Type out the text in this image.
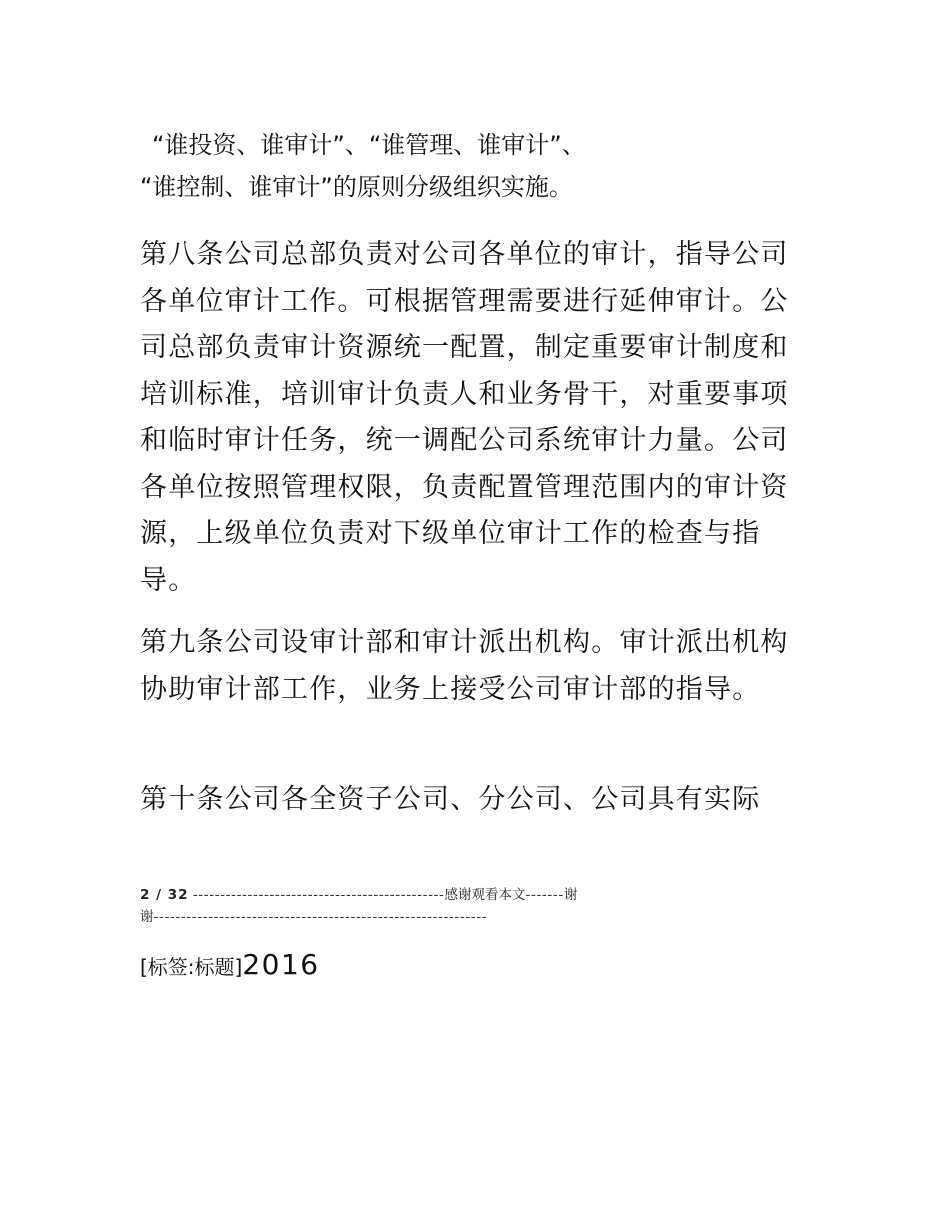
“谁投资、谁审计”、“谁管理、谁审计”、
“谁控制、谁审计”的原则分级组织实施。

第八条公司总部负责对公司各单位的审计，指导公司各单位审计工作。可根据管理需要进行延伸审计。公司总部负责审计资源统一配置，制定重要审计制度和培训标准，培训审计负责人和业务骨干，对重要事项和临时审计任务，统一调配公司系统审计力量。公司各单位按照管理权限，负责配置管理范围内的审计资源，上级单位负责对下级单位审计工作的检查与指导。

第九条公司设审计部和审计派出机构。审计派出机构协助审计部工作，业务上接受公司审计部的指导。

第十条公司各全资子公司、分公司、公司具有实际

2 / 32 ----------------------------------------------感谢观看本文-------谢
谢-------------------------------------------------------------
[标签:标题]2016
